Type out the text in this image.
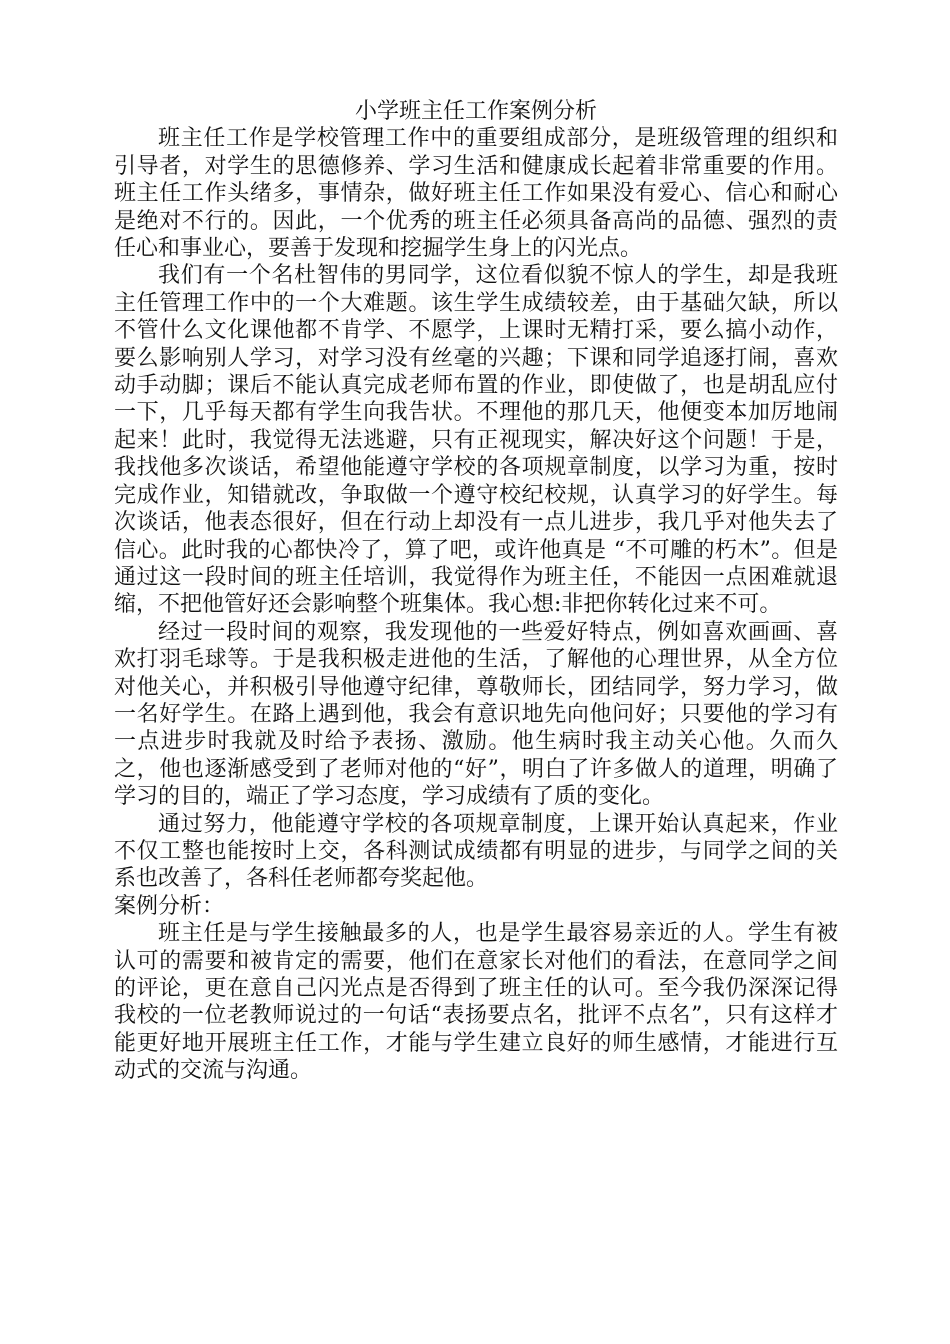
小学班主任工作案例分析

班主任工作是学校管理工作中的重要组成部分，是班级管理的组织和引导者，对学生的思德修养、学习生活和健康成长起着非常重要的作用。班主任工作头绪多，事情杂，做好班主任工作如果没有爱心、信心和耐心是绝对不行的。因此，一个优秀的班主任必须具备高尚的品德、强烈的责任心和事业心，要善于发现和挖掘学生身上的闪光点。

我们有一个名杜智伟的男同学，这位看似貌不惊人的学生，却是我班主任管理工作中的一个大难题。该生学生成绩较差，由于基础欠缺，所以不管什么文化课他都不肯学、不愿学，上课时无精打采，要么搞小动作，要么影响别人学习，对学习没有丝毫的兴趣；下课和同学追逐打闹，喜欢动手动脚；课后不能认真完成老师布置的作业，即使做了，也是胡乱应付一下，几乎每天都有学生向我告状。不理他的那几天，他便变本加厉地闹起来！此时，我觉得无法逃避，只有正视现实，解决好这个问题！于是，我找他多次谈话，希望他能遵守学校的各项规章制度，以学习为重，按时完成作业，知错就改，争取做一个遵守校纪校规，认真学习的好学生。每次谈话，他表态很好，但在行动上却没有一点儿进步，我几乎对他失去了信心。此时我的心都快冷了，算了吧，或许他真是 “不可雕的朽木”。但是通过这一段时间的班主任培训，我觉得作为班主任，不能因一点困难就退缩，不把他管好还会影响整个班集体。我心想:非把你转化过来不可。

经过一段时间的观察，我发现他的一些爱好特点，例如喜欢画画、喜欢打羽毛球等。于是我积极走进他的生活，了解他的心理世界，从全方位对他关心，并积极引导他遵守纪律，尊敬师长，团结同学，努力学习，做一名好学生。在路上遇到他，我会有意识地先向他问好；只要他的学习有一点进步时我就及时给予表扬、激励。他生病时我主动关心他。久而久之，他也逐渐感受到了老师对他的“好”，明白了许多做人的道理，明确了学习的目的，端正了学习态度，学习成绩有了质的变化。

通过努力，他能遵守学校的各项规章制度，上课开始认真起来，作业不仅工整也能按时上交，各科测试成绩都有明显的进步，与同学之间的关系也改善了，各科任老师都夸奖起他。

案例分析：

班主任是与学生接触最多的人，也是学生最容易亲近的人。学生有被认可的需要和被肯定的需要，他们在意家长对他们的看法，在意同学之间的评论，更在意自己闪光点是否得到了班主任的认可。至今我仍深深记得我校的一位老教师说过的一句话“表扬要点名，批评不点名”，只有这样才能更好地开展班主任工作，才能与学生建立良好的师生感情，才能进行互动式的交流与沟通。
